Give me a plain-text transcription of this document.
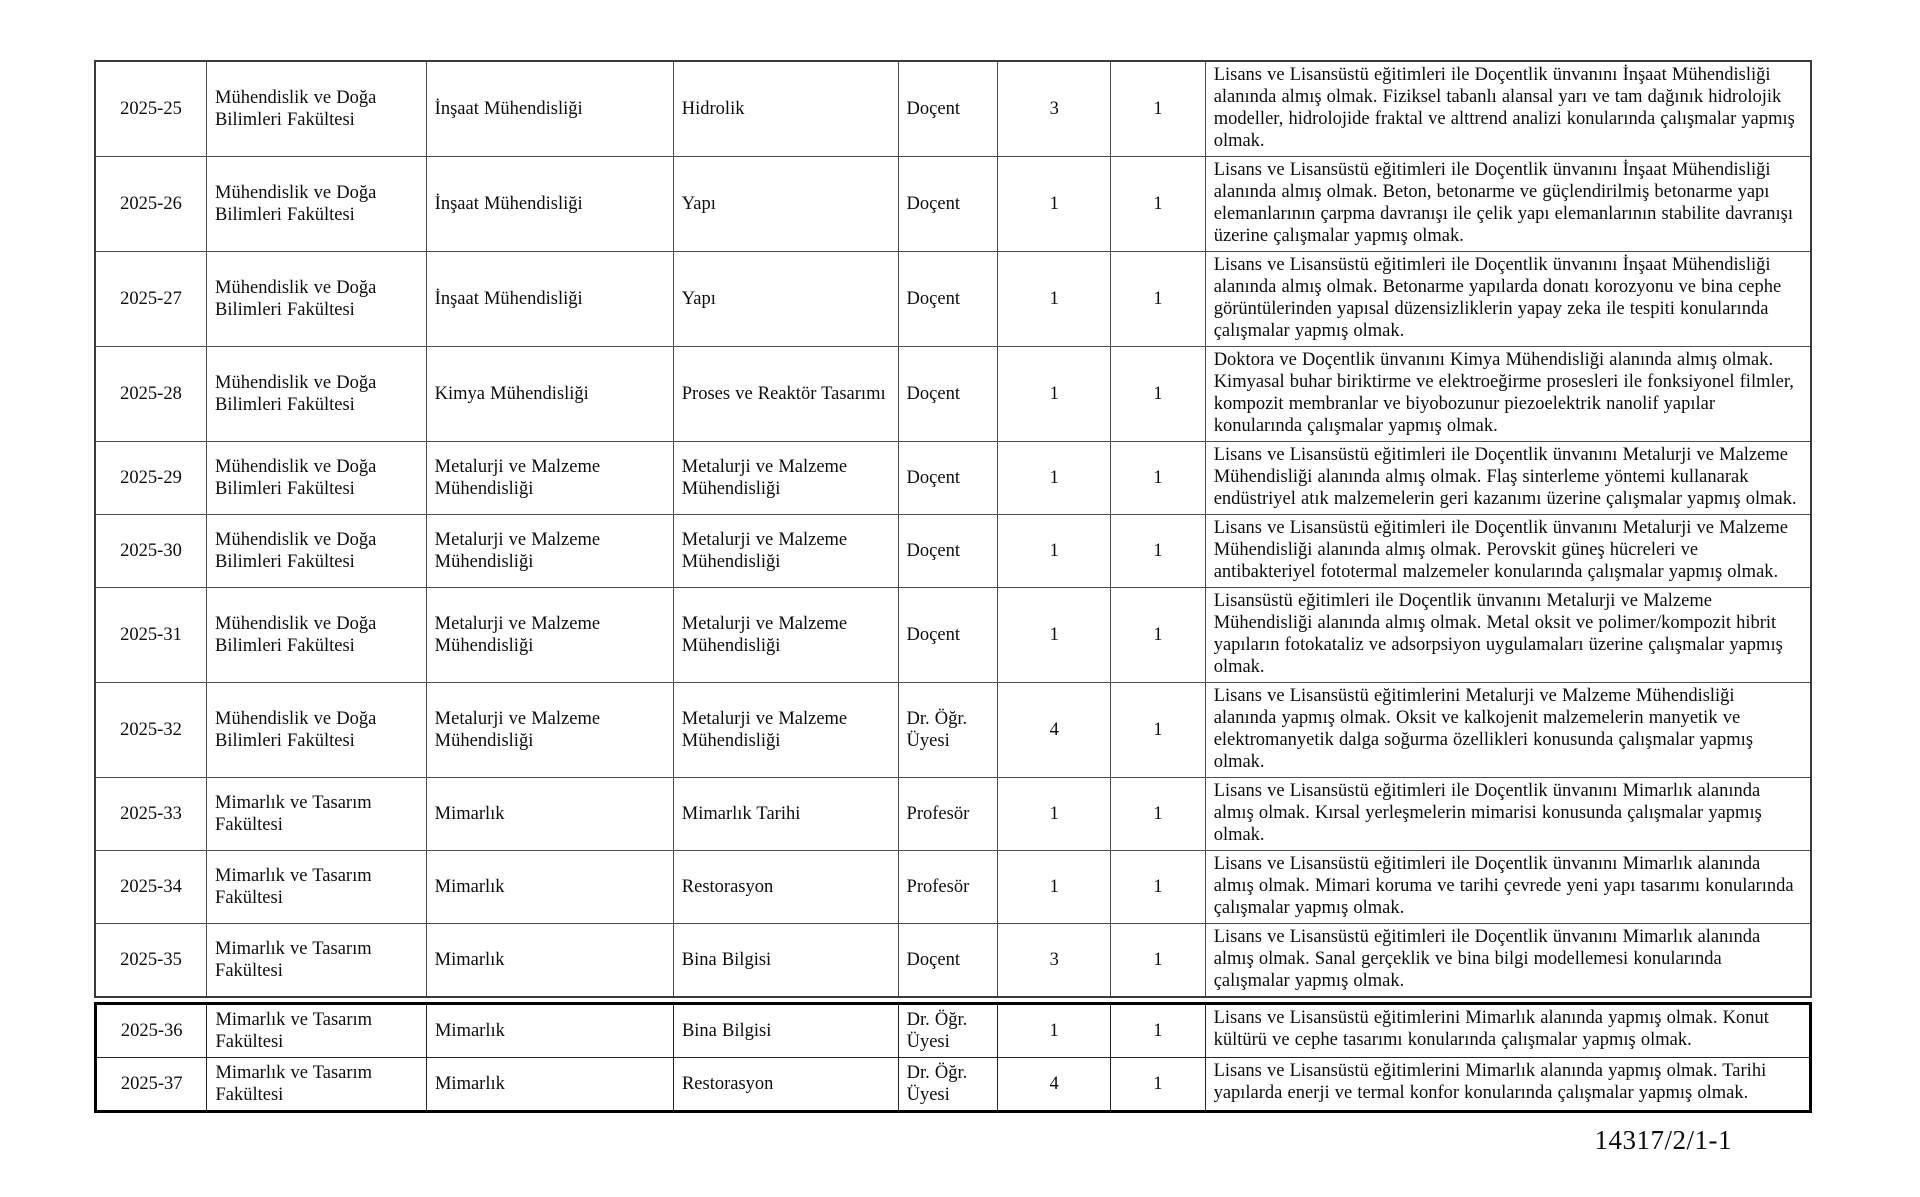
2025-25	Mühendislik ve Doğa Bilimleri Fakültesi	İnşaat Mühendisliği	Hidrolik	Doçent	3	1	Lisans ve Lisansüstü eğitimleri ile Doçentlik ünvanını İnşaat Mühendisliği alanında almış olmak. Fiziksel tabanlı alansal yarı ve tam dağınık hidrolojik modeller, hidrolojide fraktal ve alttrend analizi konularında çalışmalar yapmış olmak.
2025-26	Mühendislik ve Doğa Bilimleri Fakültesi	İnşaat Mühendisliği	Yapı	Doçent	1	1	Lisans ve Lisansüstü eğitimleri ile Doçentlik ünvanını İnşaat Mühendisliği alanında almış olmak. Beton, betonarme ve güçlendirilmiş betonarme yapı elemanlarının çarpma davranışı ile çelik yapı elemanlarının stabilite davranışı üzerine çalışmalar yapmış olmak.
2025-27	Mühendislik ve Doğa Bilimleri Fakültesi	İnşaat Mühendisliği	Yapı	Doçent	1	1	Lisans ve Lisansüstü eğitimleri ile Doçentlik ünvanını İnşaat Mühendisliği alanında almış olmak. Betonarme yapılarda donatı korozyonu ve bina cephe görüntülerinden yapısal düzensizliklerin yapay zeka ile tespiti konularında çalışmalar yapmış olmak.
2025-28	Mühendislik ve Doğa Bilimleri Fakültesi	Kimya Mühendisliği	Proses ve Reaktör Tasarımı	Doçent	1	1	Doktora ve Doçentlik ünvanını Kimya Mühendisliği alanında almış olmak. Kimyasal buhar biriktirme ve elektroeğirme prosesleri ile fonksiyonel filmler, kompozit membranlar ve biyobozunur piezoelektrik nanolif yapılar konularında çalışmalar yapmış olmak.
2025-29	Mühendislik ve Doğa Bilimleri Fakültesi	Metalurji ve Malzeme Mühendisliği	Metalurji ve Malzeme Mühendisliği	Doçent	1	1	Lisans ve Lisansüstü eğitimleri ile Doçentlik ünvanını Metalurji ve Malzeme Mühendisliği alanında almış olmak. Flaş sinterleme yöntemi kullanarak endüstriyel atık malzemelerin geri kazanımı üzerine çalışmalar yapmış olmak.
2025-30	Mühendislik ve Doğa Bilimleri Fakültesi	Metalurji ve Malzeme Mühendisliği	Metalurji ve Malzeme Mühendisliği	Doçent	1	1	Lisans ve Lisansüstü eğitimleri ile Doçentlik ünvanını Metalurji ve Malzeme Mühendisliği alanında almış olmak. Perovskit güneş hücreleri ve antibakteriyel fototermal malzemeler konularında çalışmalar yapmış olmak.
2025-31	Mühendislik ve Doğa Bilimleri Fakültesi	Metalurji ve Malzeme Mühendisliği	Metalurji ve Malzeme Mühendisliği	Doçent	1	1	Lisansüstü eğitimleri ile Doçentlik ünvanını Metalurji ve Malzeme Mühendisliği alanında almış olmak. Metal oksit ve polimer/kompozit hibrit yapıların fotokataliz ve adsorpsiyon uygulamaları üzerine çalışmalar yapmış olmak.
2025-32	Mühendislik ve Doğa Bilimleri Fakültesi	Metalurji ve Malzeme Mühendisliği	Metalurji ve Malzeme Mühendisliği	Dr. Öğr. Üyesi	4	1	Lisans ve Lisansüstü eğitimlerini Metalurji ve Malzeme Mühendisliği alanında yapmış olmak. Oksit ve kalkojenit malzemelerin manyetik ve elektromanyetik dalga soğurma özellikleri konusunda çalışmalar yapmış olmak.
2025-33	Mimarlık ve Tasarım Fakültesi	Mimarlık	Mimarlık Tarihi	Profesör	1	1	Lisans ve Lisansüstü eğitimleri ile Doçentlik ünvanını Mimarlık alanında almış olmak. Kırsal yerleşmelerin mimarisi konusunda çalışmalar yapmış olmak.
2025-34	Mimarlık ve Tasarım Fakültesi	Mimarlık	Restorasyon	Profesör	1	1	Lisans ve Lisansüstü eğitimleri ile Doçentlik ünvanını Mimarlık alanında almış olmak. Mimari koruma ve tarihi çevrede yeni yapı tasarımı konularında çalışmalar yapmış olmak.
2025-35	Mimarlık ve Tasarım Fakültesi	Mimarlık	Bina Bilgisi	Doçent	3	1	Lisans ve Lisansüstü eğitimleri ile Doçentlik ünvanını Mimarlık alanında almış olmak. Sanal gerçeklik ve bina bilgi modellemesi konularında çalışmalar yapmış olmak.
2025-36	Mimarlık ve Tasarım Fakültesi	Mimarlık	Bina Bilgisi	Dr. Öğr. Üyesi	1	1	Lisans ve Lisansüstü eğitimlerini Mimarlık alanında yapmış olmak. Konut kültürü ve cephe tasarımı konularında çalışmalar yapmış olmak.
2025-37	Mimarlık ve Tasarım Fakültesi	Mimarlık	Restorasyon	Dr. Öğr. Üyesi	4	1	Lisans ve Lisansüstü eğitimlerini Mimarlık alanında yapmış olmak. Tarihi yapılarda enerji ve termal konfor konularında çalışmalar yapmış olmak.
14317/2/1-1
